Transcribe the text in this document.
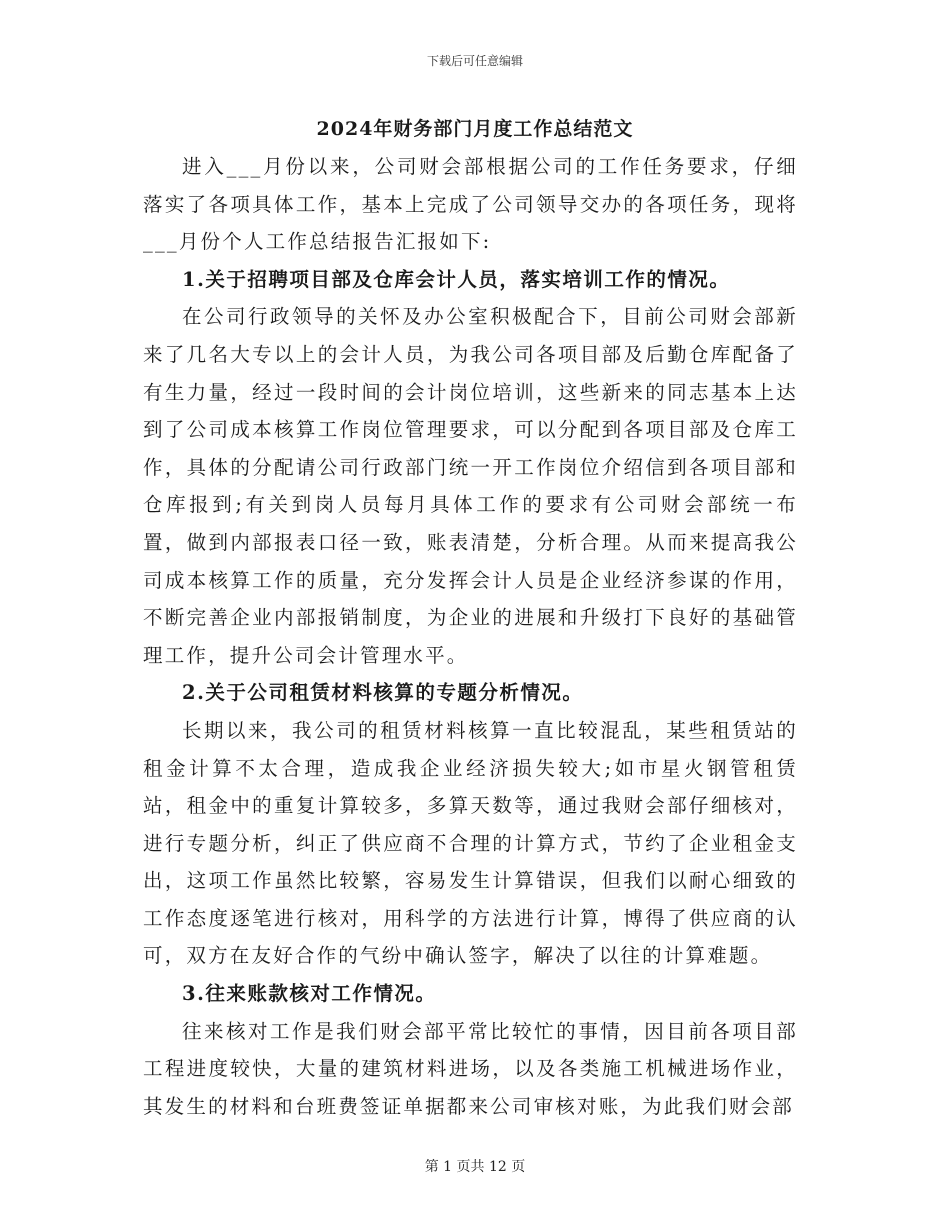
下载后可任意编辑
2024年财务部门月度工作总结范文

进入___月份以来，公司财会部根据公司的工作任务要求，仔细落实了各项具体工作，基本上完成了公司领导交办的各项任务，现将___月份个人工作总结报告汇报如下:

1.关于招聘项目部及仓库会计人员，落实培训工作的情况。

在公司行政领导的关怀及办公室积极配合下，目前公司财会部新来了几名大专以上的会计人员，为我公司各项目部及后勤仓库配备了有生力量，经过一段时间的会计岗位培训，这些新来的同志基本上达到了公司成本核算工作岗位管理要求，可以分配到各项目部及仓库工作，具体的分配请公司行政部门统一开工作岗位介绍信到各项目部和仓库报到;有关到岗人员每月具体工作的要求有公司财会部统一布置，做到内部报表口径一致，账表清楚，分析合理。从而来提高我公司成本核算工作的质量，充分发挥会计人员是企业经济参谋的作用，不断完善企业内部报销制度，为企业的进展和升级打下良好的基础管理工作，提升公司会计管理水平。

2.关于公司租赁材料核算的专题分析情况。

长期以来，我公司的租赁材料核算一直比较混乱，某些租赁站的租金计算不太合理，造成我企业经济损失较大;如市星火钢管租赁站，租金中的重复计算较多，多算天数等，通过我财会部仔细核对，进行专题分析，纠正了供应商不合理的计算方式，节约了企业租金支出，这项工作虽然比较繁，容易发生计算错误，但我们以耐心细致的工作态度逐笔进行核对，用科学的方法进行计算，博得了供应商的认可，双方在友好合作的气纷中确认签字，解决了以往的计算难题。

3.往来账款核对工作情况。

往来核对工作是我们财会部平常比较忙的事情，因目前各项目部工程进度较快，大量的建筑材料进场，以及各类施工机械进场作业，其发生的材料和台班费签证单据都来公司审核对账，为此我们财会部

第 1 页共 12 页
